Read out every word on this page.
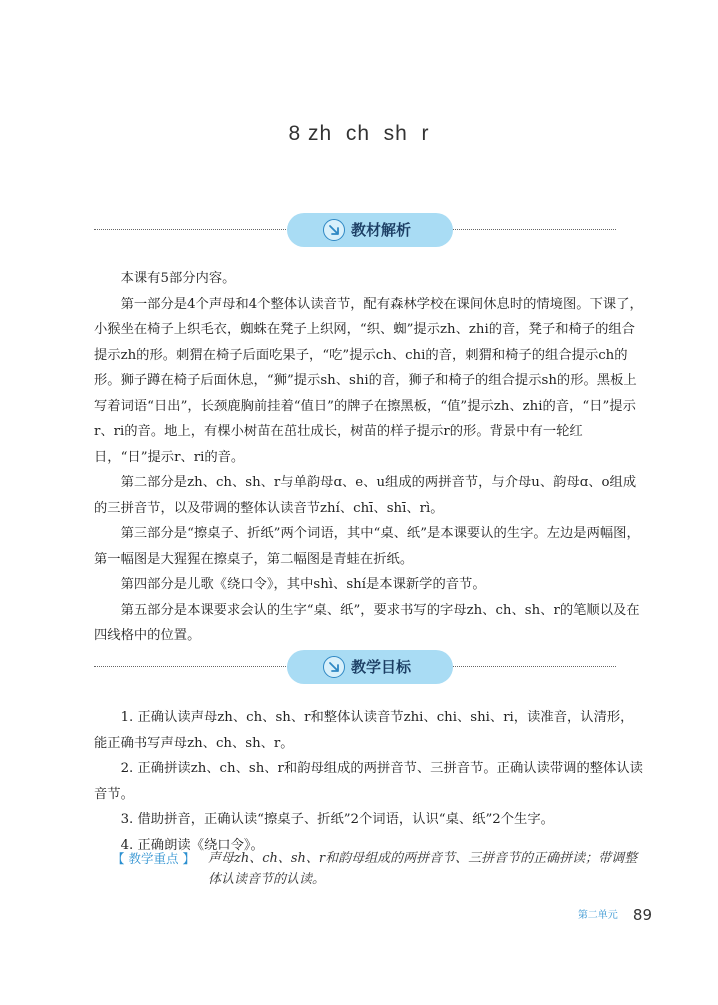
8 zh  ch  sh  r
教材解析

本课有5部分内容。

第一部分是4个声母和4个整体认读音节，配有森林学校在课间休息时的情境图。下课了，小猴坐在椅子上织毛衣，蜘蛛在凳子上织网，“织、蜘”提示zh、zhi的音，凳子和椅子的组合提示zh的形。刺猬在椅子后面吃果子，“吃”提示ch、chi的音，刺猬和椅子的组合提示ch的形。狮子蹲在椅子后面休息，“狮”提示sh、shi的音，狮子和椅子的组合提示sh的形。黑板上写着词语“日出”，长颈鹿胸前挂着“值日”的牌子在擦黑板，“值”提示zh、zhi的音，“日”提示r、ri的音。地上，有棵小树苗在茁壮成长，树苗的样子提示r的形。背景中有一轮红日，“日”提示r、ri的音。

第二部分是zh、ch、sh、r与单韵母ɑ、e、u组成的两拼音节，与介母u、韵母ɑ、o组成的三拼音节，以及带调的整体认读音节zhí、chī、shī、rì。

第三部分是“擦桌子、折纸”两个词语，其中“桌、纸”是本课要认的生字。左边是两幅图，第一幅图是大猩猩在擦桌子，第二幅图是青蛙在折纸。

第四部分是儿歌《绕口令》，其中shì、shí是本课新学的音节。

第五部分是本课要求会认的生字“桌、纸”，要求书写的字母zh、ch、sh、r的笔顺以及在四线格中的位置。

教学目标

1. 正确认读声母zh、ch、sh、r和整体认读音节zhi、chi、shi、ri，读准音，认清形，能正确书写声母zh、ch、sh、r。

2. 正确拼读zh、ch、sh、r和韵母组成的两拼音节、三拼音节。正确认读带调的整体认读音节。

3. 借助拼音，正确认读“擦桌子、折纸”2个词语，认识“桌、纸”2个生字。

4. 正确朗读《绕口令》。

【 教学重点 】 声母zh、ch、sh、r和韵母组成的两拼音节、三拼音节的正确拼读；带调整体认读音节的认读。
第二单元 89
